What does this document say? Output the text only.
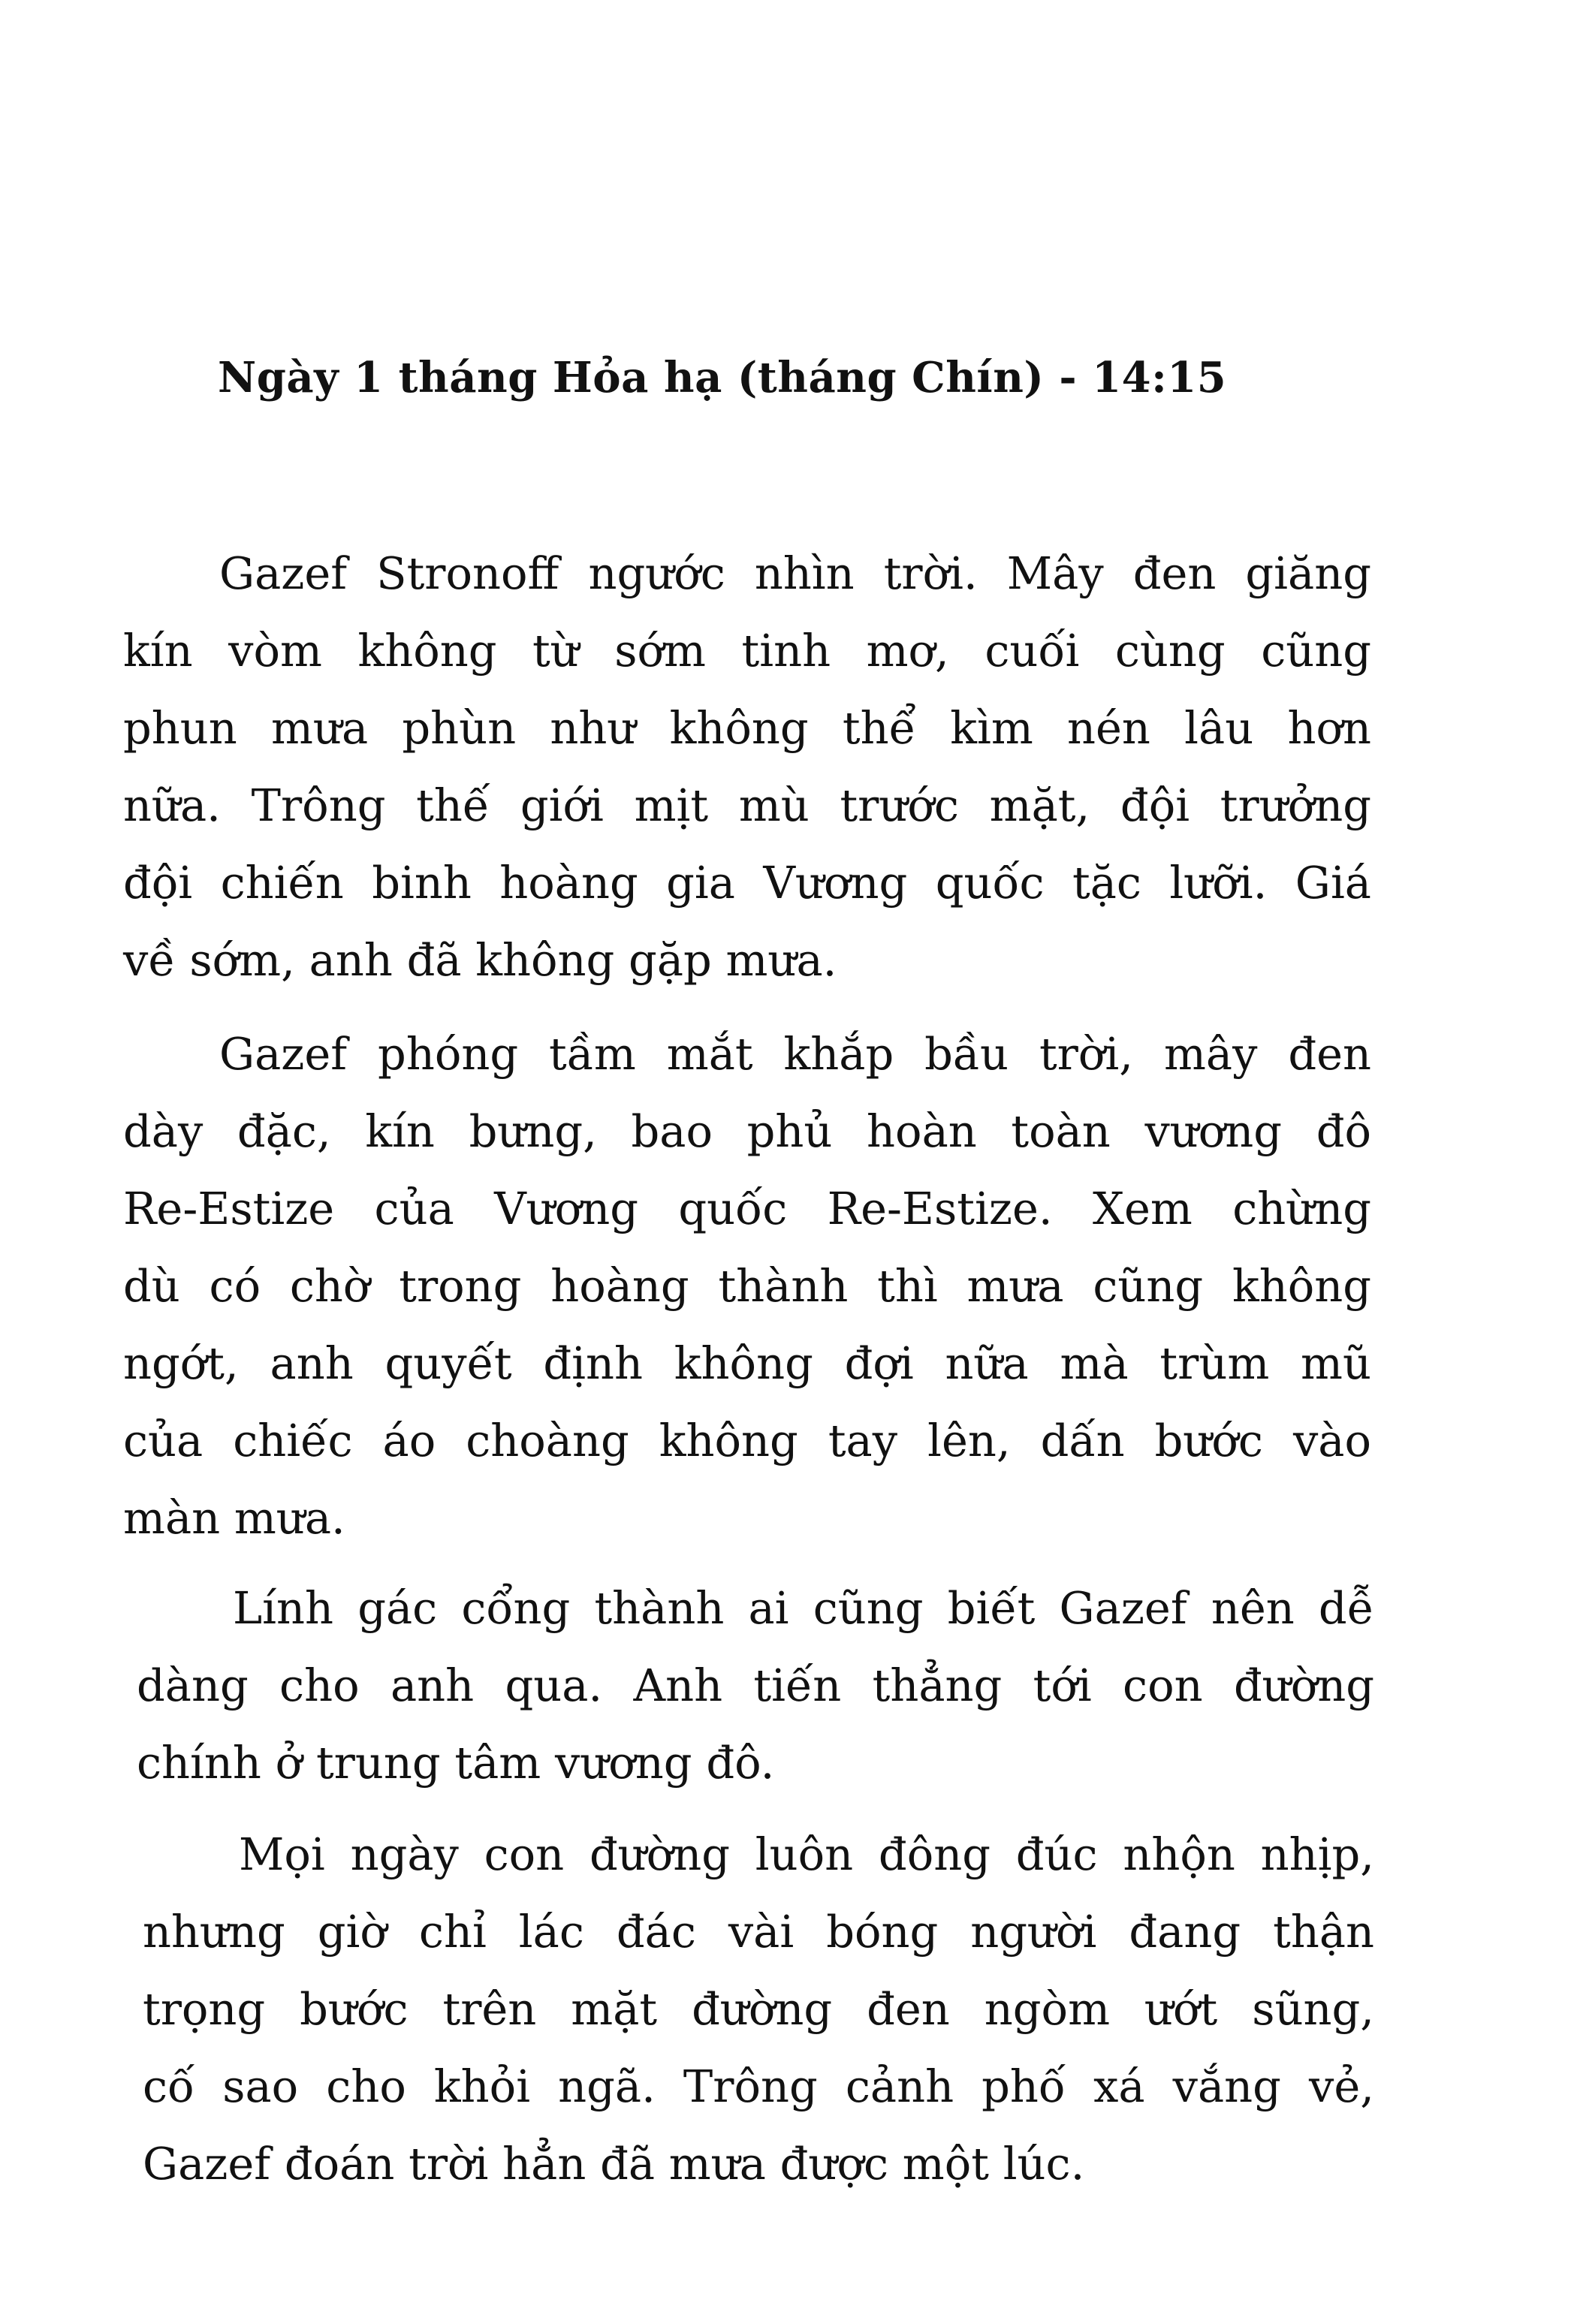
Ngày 1 tháng Hỏa hạ (tháng Chín) - 14:15
Gazef Stronoff ngước nhìn trời. Mây đen giăng
kín vòm không từ sớm tinh mơ, cuối cùng cũng
phun mưa phùn như không thể kìm nén lâu hơn
nữa. Trông thế giới mịt mù trước mặt, đội trưởng
đội chiến binh hoàng gia Vương quốc tặc lưỡi. Giá
về sớm, anh đã không gặp mưa.
Gazef phóng tầm mắt khắp bầu trời, mây đen
dày đặc, kín bưng, bao phủ hoàn toàn vương đô
Re-Estize của Vương quốc Re-Estize. Xem chừng
dù có chờ trong hoàng thành thì mưa cũng không
ngớt, anh quyết định không đợi nữa mà trùm mũ
của chiếc áo choàng không tay lên, dấn bước vào
màn mưa.
Lính gác cổng thành ai cũng biết Gazef nên dễ
dàng cho anh qua. Anh tiến thẳng tới con đường
chính ở trung tâm vương đô.
Mọi ngày con đường luôn đông đúc nhộn nhịp,
nhưng giờ chỉ lác đác vài bóng người đang thận
trọng bước trên mặt đường đen ngòm ướt sũng,
cố sao cho khỏi ngã. Trông cảnh phố xá vắng vẻ,
Gazef đoán trời hẳn đã mưa được một lúc.
